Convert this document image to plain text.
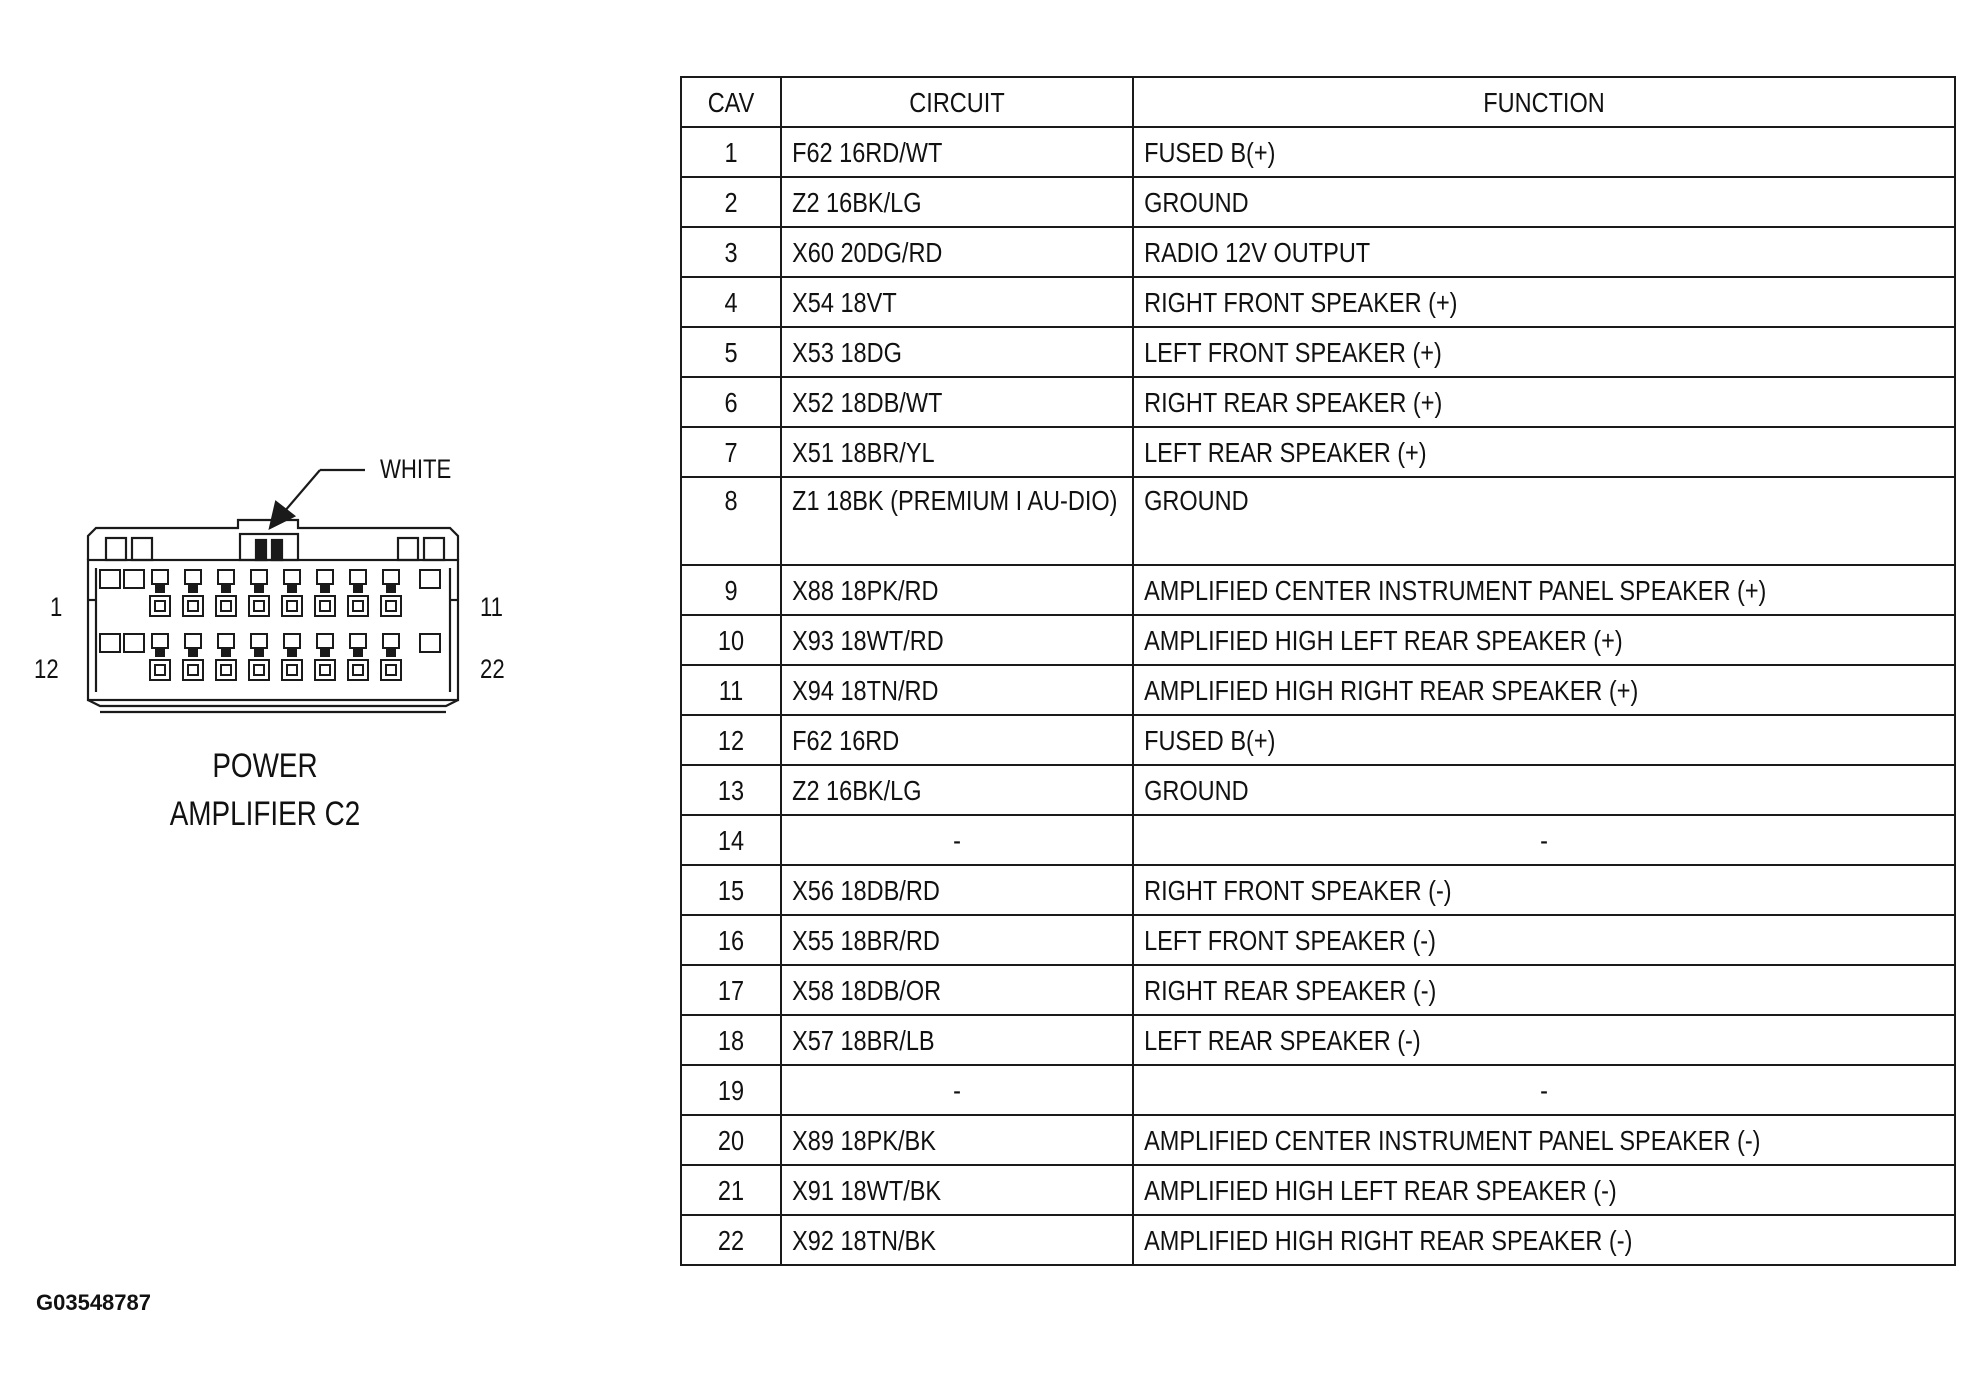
1	11
12	22
WHITE
POWER
AMPLIFIER C2
CAV	CIRCUIT	FUNCTION

1	F62 16RD/WT	FUSED B(+)

2	Z2 16BK/LG	GROUND

3	X60 20DG/RD	RADIO 12V OUTPUT

4	X54 18VT	RIGHT FRONT SPEAKER (+)

5	X53 18DG	LEFT FRONT SPEAKER (+)

6	X52 18DB/WT	RIGHT REAR SPEAKER (+)

7	X51 18BR/YL	LEFT REAR SPEAKER (+)

8	Z1 18BK (PREMIUM I AU-DIO)	GROUND

9	X88 18PK/RD	AMPLIFIED CENTER INSTRUMENT PANEL SPEAKER (+)

10	X93 18WT/RD	AMPLIFIED HIGH LEFT REAR SPEAKER (+)

11	X94 18TN/RD	AMPLIFIED HIGH RIGHT REAR SPEAKER (+)

12	F62 16RD	FUSED B(+)

13	Z2 16BK/LG	GROUND

14	-	-

15	X56 18DB/RD	RIGHT FRONT SPEAKER (-)

16	X55 18BR/RD	LEFT FRONT SPEAKER (-)

17	X58 18DB/OR	RIGHT REAR SPEAKER (-)

18	X57 18BR/LB	LEFT REAR SPEAKER (-)

19	-	-

20	X89 18PK/BK	AMPLIFIED CENTER INSTRUMENT PANEL SPEAKER (-)

21	X91 18WT/BK	AMPLIFIED HIGH LEFT REAR SPEAKER (-)

22	X92 18TN/BK	AMPLIFIED HIGH RIGHT REAR SPEAKER (-)
G03548787
